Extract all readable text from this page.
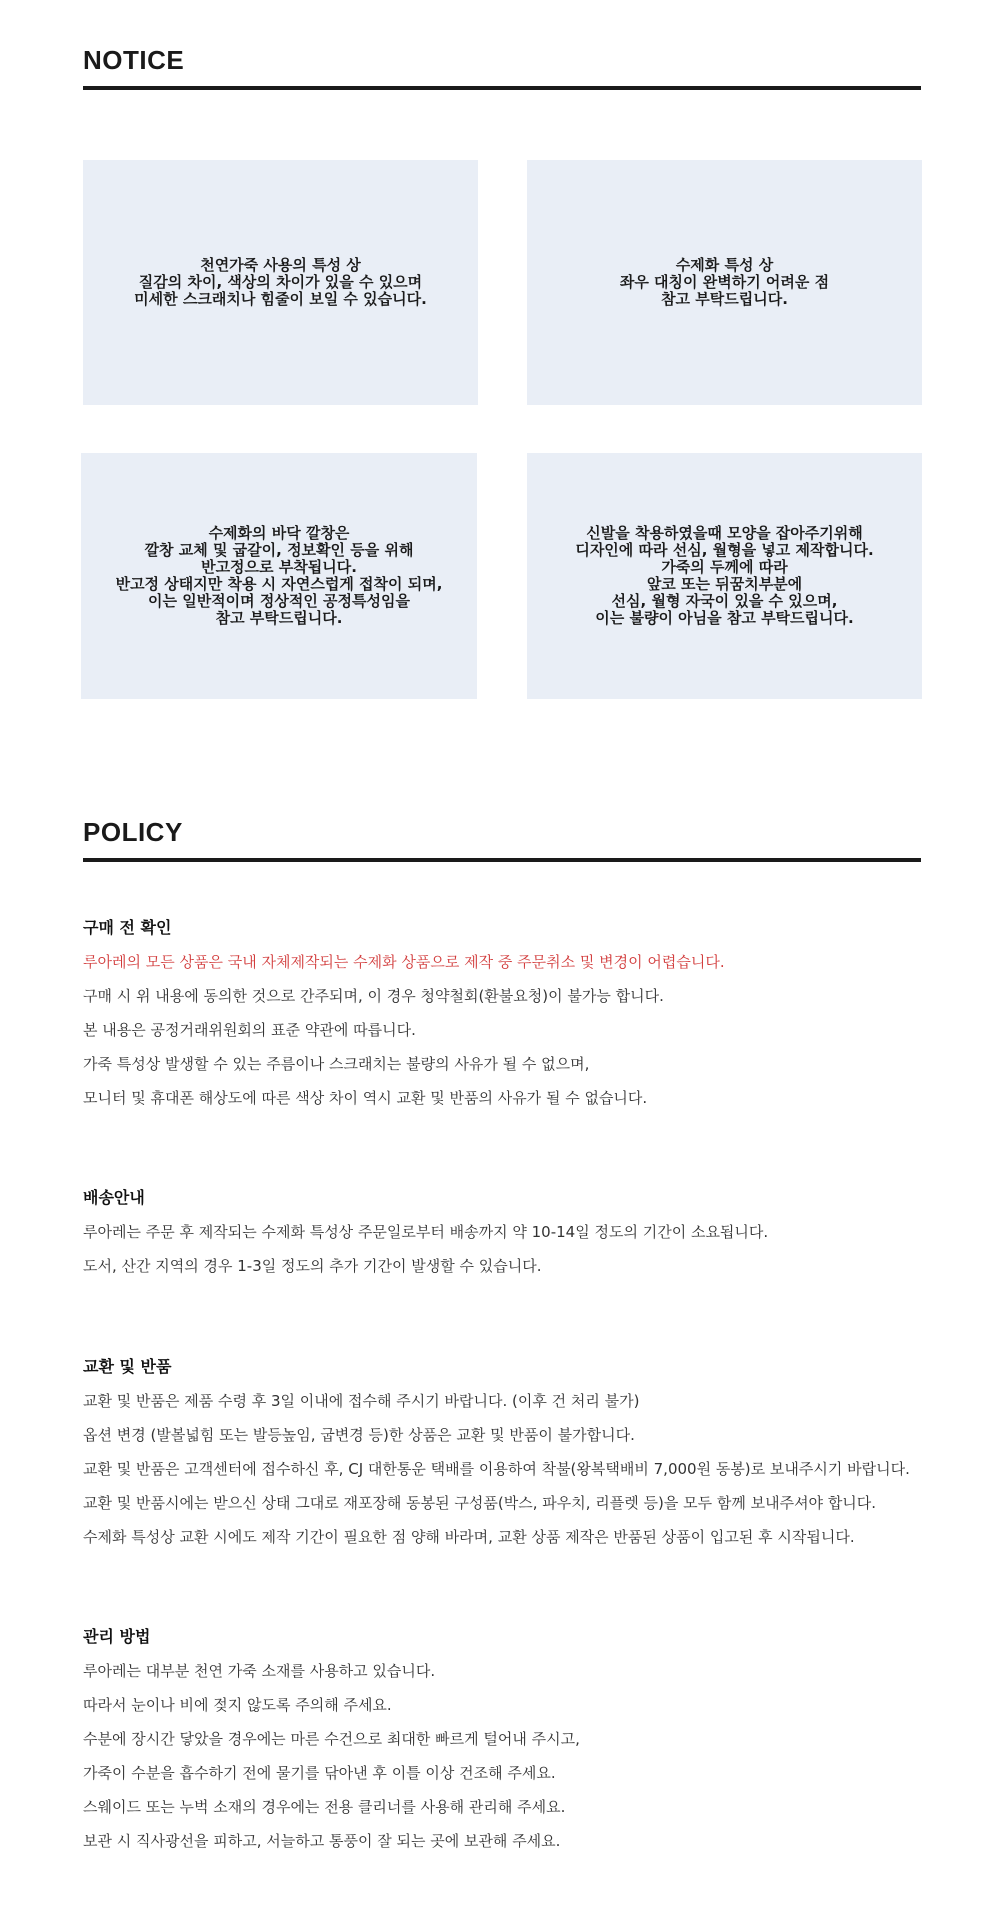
NOTICE
천연가죽 사용의 특성 상
질감의 차이, 색상의 차이가 있을 수 있으며
미세한 스크래치나 힘줄이 보일 수 있습니다.
수제화 특성 상
좌우 대칭이 완벽하기 어려운 점
참고 부탁드립니다.
수제화의 바닥 깔창은
깔창 교체 및 굽갈이, 정보확인 등을 위해
반고정으로 부착됩니다.
반고정 상태지만 착용 시 자연스럽게 접착이 되며,
이는 일반적이며 정상적인 공정특성임을
참고 부탁드립니다.
신발을 착용하였을때 모양을 잡아주기위해
디자인에 따라 선심, 월형을 넣고 제작합니다.
가죽의 두께에 따라
앞코 또는 뒤꿈치부분에
선심, 월형 자국이 있을 수 있으며,
이는 불량이 아님을 참고 부탁드립니다.
POLICY
구매 전 확인
루아레의 모든 상품은 국내 자체제작되는 수제화 상품으로 제작 중 주문취소 및 변경이 어렵습니다.
구매 시 위 내용에 동의한 것으로 간주되며, 이 경우 청약철회(환불요청)이 불가능 합니다.
본 내용은 공정거래위원회의 표준 약관에 따릅니다.
가죽 특성상 발생할 수 있는 주름이나 스크래치는 불량의 사유가 될 수 없으며,
모니터 및 휴대폰 해상도에 따른 색상 차이 역시 교환 및 반품의 사유가 될 수 없습니다.
배송안내
루아레는 주문 후 제작되는 수제화 특성상 주문일로부터 배송까지 약 10-14일 정도의 기간이 소요됩니다.
도서, 산간 지역의 경우 1-3일 정도의 추가 기간이 발생할 수 있습니다.
교환 및 반품
교환 및 반품은 제품 수령 후 3일 이내에 접수해 주시기 바랍니다. (이후 건 처리 불가)
옵션 변경 (발볼넓힘 또는 발등높임, 굽변경 등)한 상품은 교환 및 반품이 불가합니다.
교환 및 반품은 고객센터에 접수하신 후, CJ 대한통운 택배를 이용하여 착불(왕복택배비 7,000원 동봉)로 보내주시기 바랍니다.
교환 및 반품시에는 받으신 상태 그대로 재포장해 동봉된 구성품(박스, 파우치, 리플렛 등)을 모두 함께 보내주셔야 합니다.
수제화 특성상 교환 시에도 제작 기간이 필요한 점 양해 바라며, 교환 상품 제작은 반품된 상품이 입고된 후 시작됩니다.
관리 방법
루아레는 대부분 천연 가죽 소재를 사용하고 있습니다.
따라서 눈이나 비에 젖지 않도록 주의해 주세요.
수분에 장시간 닿았을 경우에는 마른 수건으로 최대한 빠르게 털어내 주시고,
가죽이 수분을 흡수하기 전에 물기를 닦아낸 후 이틀 이상 건조해 주세요.
스웨이드 또는 누벅 소재의 경우에는 전용 클리너를 사용해 관리해 주세요.
보관 시 직사광선을 피하고, 서늘하고 통풍이 잘 되는 곳에 보관해 주세요.
